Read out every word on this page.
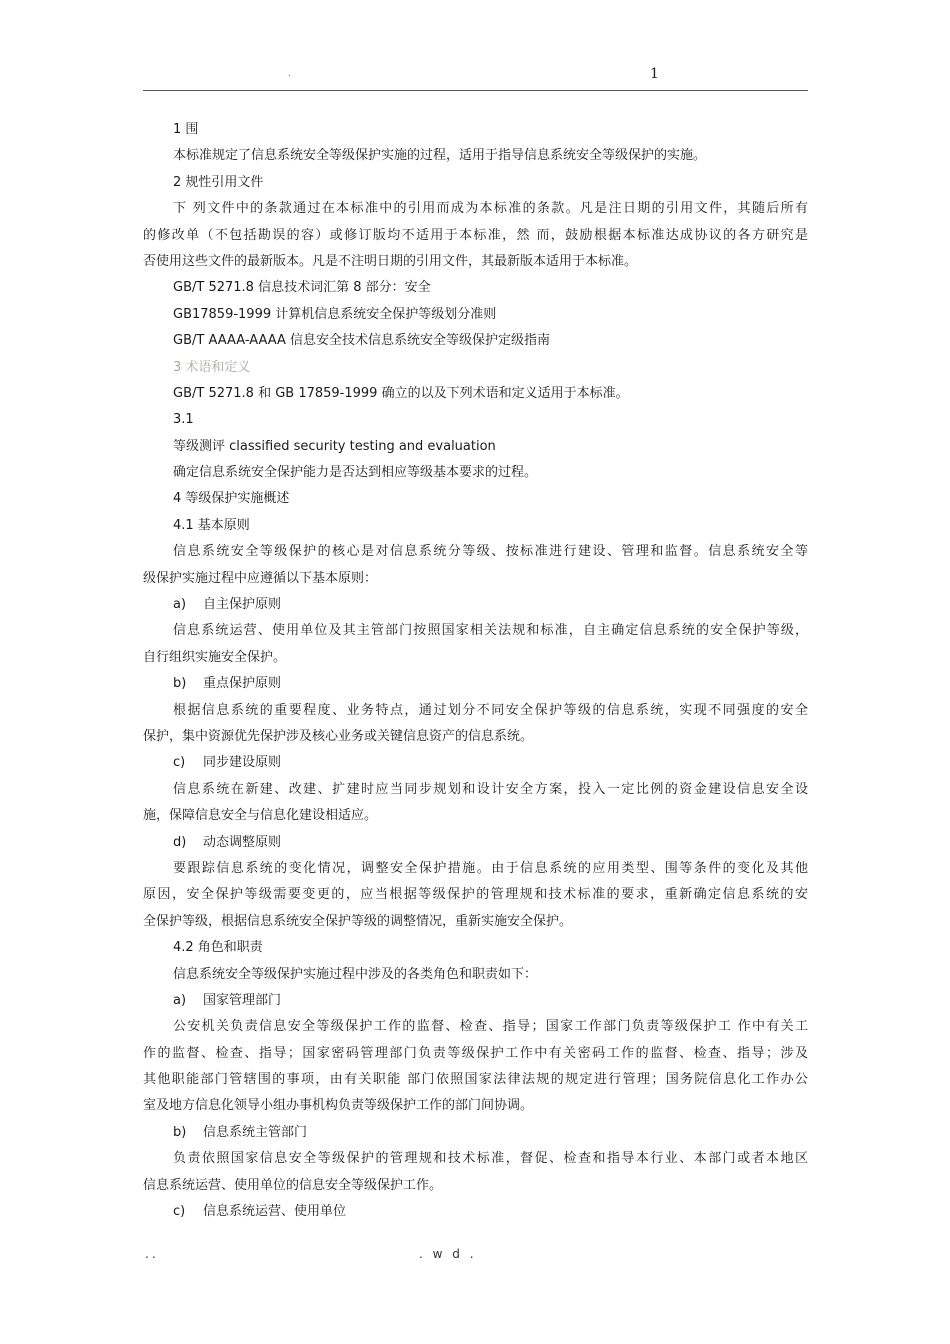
.	1
1 围
本标准规定了信息系统安全等级保护实施的过程，适用于指导信息系统安全等级保护的实施。
2 规性引用文件
下 列文件中的条款通过在本标准中的引用而成为本标准的条款。凡是注日期的引用文件，其随后所有
的修改单（不包括勘误的容）或修订版均不适用于本标准，然 而，鼓励根据本标准达成协议的各方研究是
否使用这些文件的最新版本。凡是不注明日期的引用文件，其最新版本适用于本标准。
GB/T 5271.8 信息技术词汇第 8 部分：安全
GB17859-1999 计算机信息系统安全保护等级划分准则
GB/T AAAA-AAAA 信息安全技术信息系统安全等级保护定级指南
3 术语和定义
GB/T 5271.8 和 GB 17859-1999 确立的以及下列术语和定义适用于本标准。
3.1
等级测评 classified security testing and evaluation
确定信息系统安全保护能力是否达到相应等级基本要求的过程。
4 等级保护实施概述
4.1 基本原则
信息系统安全等级保护的核心是对信息系统分等级、按标准进行建设、管理和监督。信息系统安全等
级保护实施过程中应遵循以下基本原则：
a) 自主保护原则
信息系统运营、使用单位及其主管部门按照国家相关法规和标准，自主确定信息系统的安全保护等级，
自行组织实施安全保护。
b) 重点保护原则
根据信息系统的重要程度、业务特点，通过划分不同安全保护等级的信息系统，实现不同强度的安全
保护，集中资源优先保护涉及核心业务或关键信息资产的信息系统。
c) 同步建设原则
信息系统在新建、改建、扩建时应当同步规划和设计安全方案，投入一定比例的资金建设信息安全设
施，保障信息安全与信息化建设相适应。
d) 动态调整原则
要跟踪信息系统的变化情况，调整安全保护措施。由于信息系统的应用类型、围等条件的变化及其他
原因，安全保护等级需要变更的，应当根据等级保护的管理规和技术标准的要求，重新确定信息系统的安
全保护等级，根据信息系统安全保护等级的调整情况，重新实施安全保护。
4.2 角色和职责
信息系统安全等级保护实施过程中涉及的各类角色和职责如下：
a) 国家管理部门
公安机关负责信息安全等级保护工作的监督、检查、指导；国家工作部门负责等级保护工 作中有关工
作的监督、检查、指导；国家密码管理部门负责等级保护工作中有关密码工作的监督、检查、指导；涉及
其他职能部门管辖围的事项，由有关职能 部门依照国家法律法规的规定进行管理；国务院信息化工作办公
室及地方信息化领导小组办事机构负责等级保护工作的部门间协调。
b) 信息系统主管部门
负责依照国家信息安全等级保护的管理规和技术标准，督促、检查和指导本行业、本部门或者本地区
信息系统运营、使用单位的信息安全等级保护工作。
c) 信息系统运营、使用单位
..	. w d .
